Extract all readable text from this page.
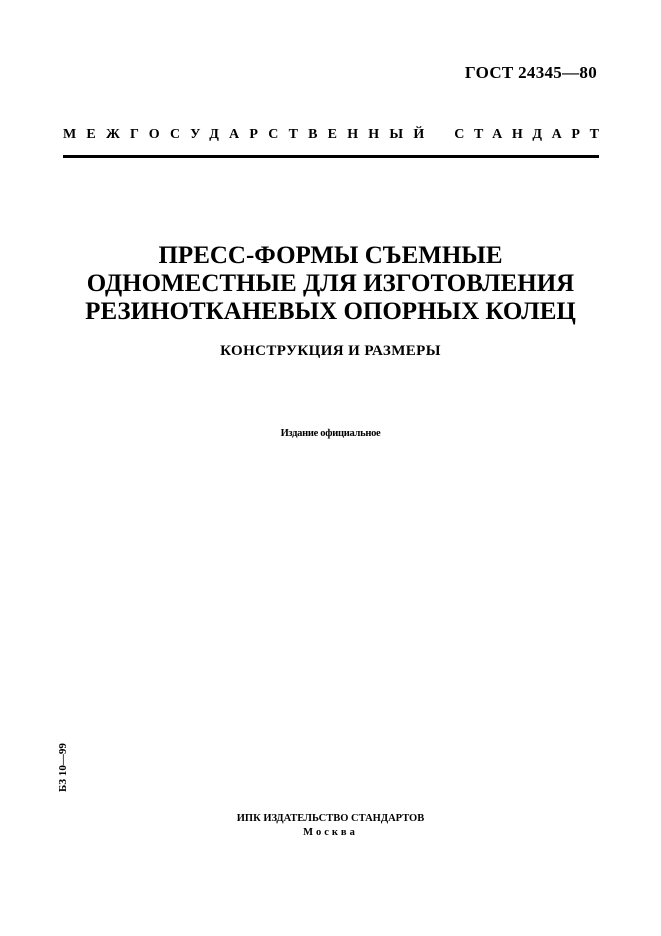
ГОСТ 24345—80
МЕЖГОСУДАРСТВЕННЫЙ СТАНДАРТ
ПРЕСС-ФОРМЫ СЪЕМНЫЕ
ОДНОМЕСТНЫЕ ДЛЯ ИЗГОТОВЛЕНИЯ
РЕЗИНОТКАНЕВЫХ ОПОРНЫХ КОЛЕЦ
КОНСТРУКЦИЯ И РАЗМЕРЫ
Издание официальное
БЗ 10—99
ИПК ИЗДАТЕЛЬСТВО СТАНДАРТОВ
Москва
